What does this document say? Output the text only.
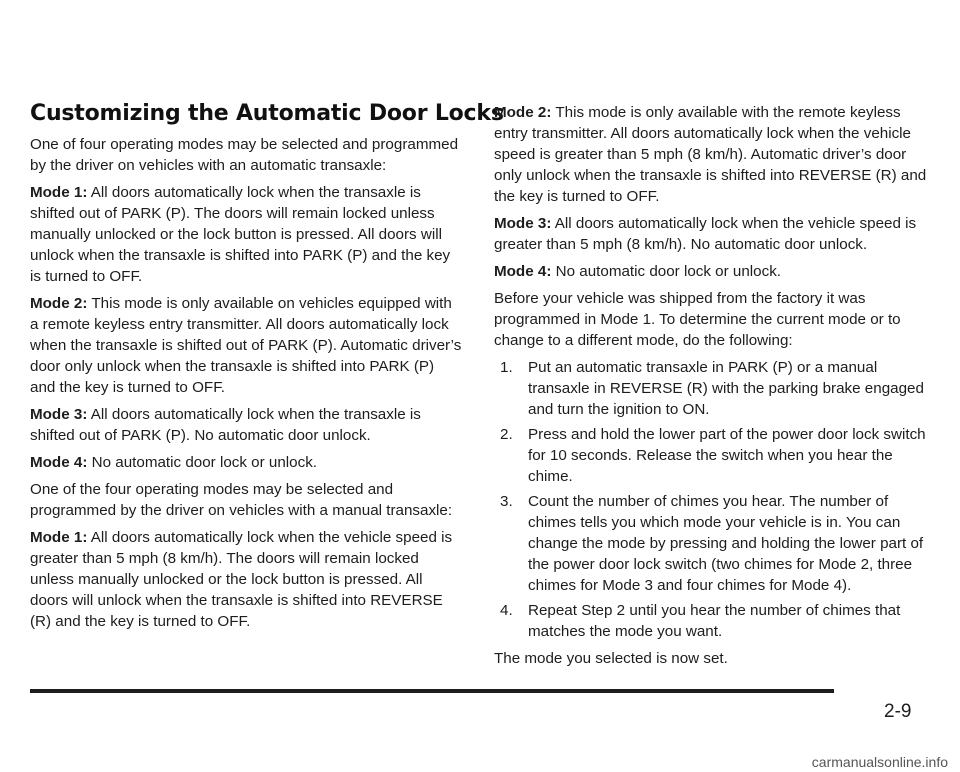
Customizing the Automatic Door Locks

One of four operating modes may be selected and programmed by the driver on vehicles with an automatic transaxle:

Mode 1: All doors automatically lock when the transaxle is shifted out of PARK (P). The doors will remain locked unless manually unlocked or the lock button is pressed. All doors will unlock when the transaxle is shifted into PARK (P) and the key is turned to OFF.

Mode 2: This mode is only available on vehicles equipped with a remote keyless entry transmitter. All doors automatically lock when the transaxle is shifted out of PARK (P). Automatic driver’s door only unlock when the transaxle is shifted into PARK (P) and the key is turned to OFF.

Mode 3: All doors automatically lock when the transaxle is shifted out of PARK (P). No automatic door unlock.

Mode 4: No automatic door lock or unlock.

One of the four operating modes may be selected and programmed by the driver on vehicles with a manual transaxle:

Mode 1: All doors automatically lock when the vehicle speed is greater than 5 mph (8 km/h). The doors will remain locked unless manually unlocked or the lock button is pressed. All doors will unlock when the transaxle is shifted into REVERSE (R) and the key is turned to OFF.

Mode 2: This mode is only available with the remote keyless entry transmitter. All doors automatically lock when the vehicle speed is greater than 5 mph (8 km/h). Automatic driver’s door only unlock when the transaxle is shifted into REVERSE (R) and the key is turned to OFF.

Mode 3: All doors automatically lock when the vehicle speed is greater than 5 mph (8 km/h). No automatic door unlock.

Mode 4: No automatic door lock or unlock.

Before your vehicle was shipped from the factory it was programmed in Mode 1. To determine the current mode or to change to a different mode, do the following:

1. Put an automatic transaxle in PARK (P) or a manual transaxle in REVERSE (R) with the parking brake engaged and turn the ignition to ON.
2. Press and hold the lower part of the power door lock switch for 10 seconds. Release the switch when you hear the chime.
3. Count the number of chimes you hear. The number of chimes tells you which mode your vehicle is in. You can change the mode by pressing and holding the lower part of the power door lock switch (two chimes for Mode 2, three chimes for Mode 3 and four chimes for Mode 4).
4. Repeat Step 2 until you hear the number of chimes that matches the mode you want.

The mode you selected is now set.

2-9
carmanualsonline.info
